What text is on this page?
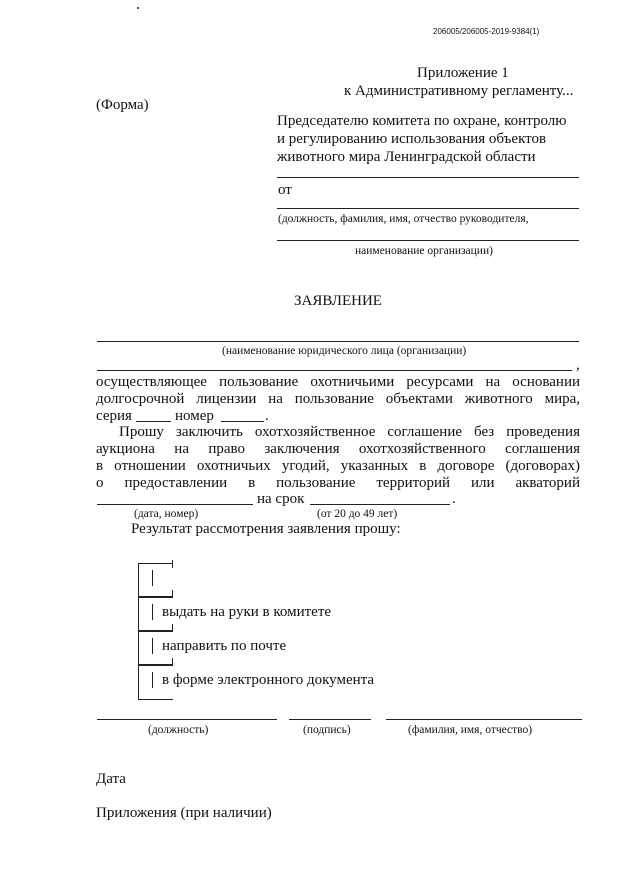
206005/206005-2019-9384(1)
Приложение 1
к Административному регламенту...
(Форма)
Председателю комитета по охране, контролю
и регулированию использования объектов
животного мира Ленинградской области
от
(должность, фамилия, имя, отчество руководителя,
наименование организации)
ЗАЯВЛЕНИЕ
(наименование юридического лица (организации)
,
осуществляющее пользование охотничьими ресурсами на основании
долгосрочной лицензии на пользование объектами животного мира,
серия	номер	.
Прошу заключить охотхозяйственное соглашение без проведения
аукциона на право заключения охотхозяйственного соглашения
в отношении охотничьих угодий, указанных в договоре (договорах)
о предоставлении в пользование территорий или акваторий
на срок	.
(дата, номер)	(от 20 до 49 лет)
Результат рассмотрения заявления прошу:
выдать на руки в комитете
направить по почте
в форме электронного документа
(должность)	(подпись)	(фамилия, имя, отчество)
Дата
Приложения (при наличии)
